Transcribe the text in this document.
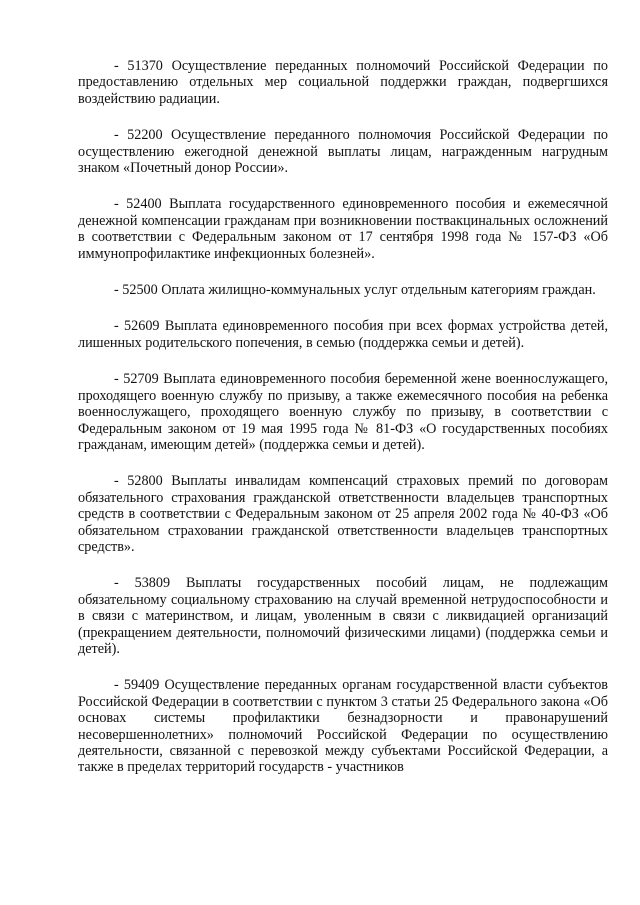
- 51370 Осуществление переданных полномочий Российской Федерации по предоставлению отдельных мер социальной поддержки граждан, подвергшихся воздействию радиации.

- 52200 Осуществление переданного полномочия Российской Федерации по осуществлению ежегодной денежной выплаты лицам, награжденным нагрудным знаком «Почетный донор России».

- 52400 Выплата государственного единовременного пособия и ежемесячной денежной компенсации гражданам при возникновении поствакцинальных осложнений в соответствии с Федеральным законом от 17 сентября 1998 года № 157-ФЗ «Об иммунопрофилактике инфекционных болезней».

- 52500 Оплата жилищно-коммунальных услуг отдельным категориям граждан.

- 52609 Выплата единовременного пособия при всех формах устройства детей, лишенных родительского попечения, в семью (поддержка семьи и детей).

- 52709 Выплата единовременного пособия беременной жене военнослужащего, проходящего военную службу по призыву, а также ежемесячного пособия на ребенка военнослужащего, проходящего военную службу по призыву, в соответствии с Федеральным законом от 19 мая 1995 года № 81-ФЗ «О государственных пособиях гражданам, имеющим детей» (поддержка семьи и детей).

- 52800 Выплаты инвалидам компенсаций страховых премий по договорам обязательного страхования гражданской ответственности владельцев транспортных средств в соответствии с Федеральным законом от 25 апреля 2002 года № 40-ФЗ «Об обязательном страховании гражданской ответственности владельцев транспортных средств».

- 53809 Выплаты государственных пособий лицам, не подлежащим обязательному социальному страхованию на случай временной нетрудоспособности и в связи с материнством, и лицам, уволенным в связи с ликвидацией организаций (прекращением деятельности, полномочий физическими лицами) (поддержка семьи и детей).

- 59409 Осуществление переданных органам государственной власти субъектов Российской Федерации в соответствии с пунктом 3 статьи 25 Федерального закона «Об основах системы профилактики безнадзорности и правонарушений несовершеннолетних» полномочий Российской Федерации по осуществлению деятельности, связанной с перевозкой между субъектами Российской Федерации, а также в пределах территорий государств - участников
